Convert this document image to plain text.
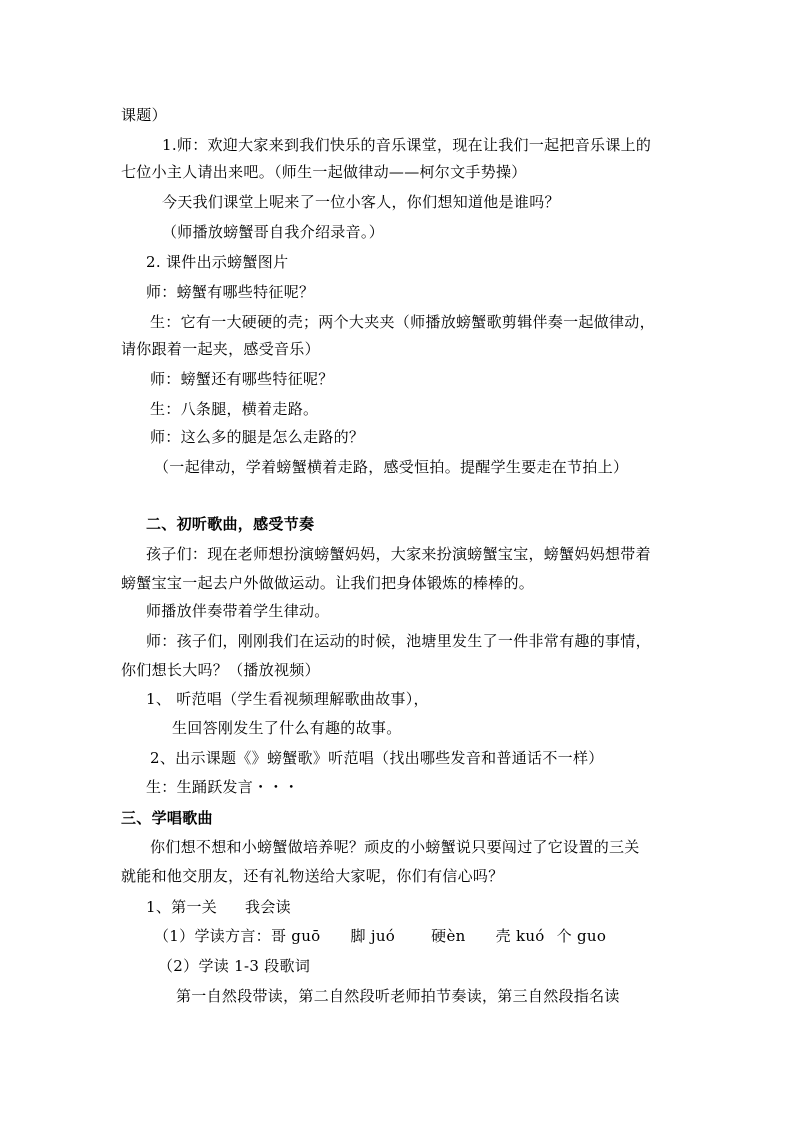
课题）
1.师：欢迎大家来到我们快乐的音乐课堂，现在让我们一起把音乐课上的
七位小主人请出来吧。（师生一起做律动——柯尔文手势操）
今天我们课堂上呢来了一位小客人，你们想知道他是谁吗？
（师播放螃蟹哥自我介绍录音。）
2. 课件出示螃蟹图片
师：螃蟹有哪些特征呢？
生：它有一大硬硬的壳；两个大夹夹（师播放螃蟹歌剪辑伴奏一起做律动，
请你跟着一起夹，感受音乐）
师：螃蟹还有哪些特征呢？
生：八条腿，横着走路。
师：这么多的腿是怎么走路的？
（一起律动，学着螃蟹横着走路，感受恒拍。提醒学生要走在节拍上）
二、初听歌曲，感受节奏
孩子们：现在老师想扮演螃蟹妈妈，大家来扮演螃蟹宝宝，螃蟹妈妈想带着
螃蟹宝宝一起去户外做做运动。让我们把身体锻炼的棒棒的。
师播放伴奏带着学生律动。
师：孩子们，刚刚我们在运动的时候，池塘里发生了一件非常有趣的事情，
你们想长大吗？（播放视频）
1、 听范唱（学生看视频理解歌曲故事），
生回答刚发生了什么有趣的故事。
2、出示课题《》螃蟹歌》听范唱（找出哪些发音和普通话不一样）
生：生踊跃发言・・・
三、学唱歌曲
你们想不想和小螃蟹做培养呢？顽皮的小螃蟹说只要闯过了它设置的三关
就能和他交朋友，还有礼物送给大家呢，你们有信心吗？
1、第一关 我会读
（1）学读方言：哥 guō 脚 juó 硬èn 壳 kuó 个 guo
（2）学读 1-3 段歌词
第一自然段带读，第二自然段听老师拍节奏读，第三自然段指名读
